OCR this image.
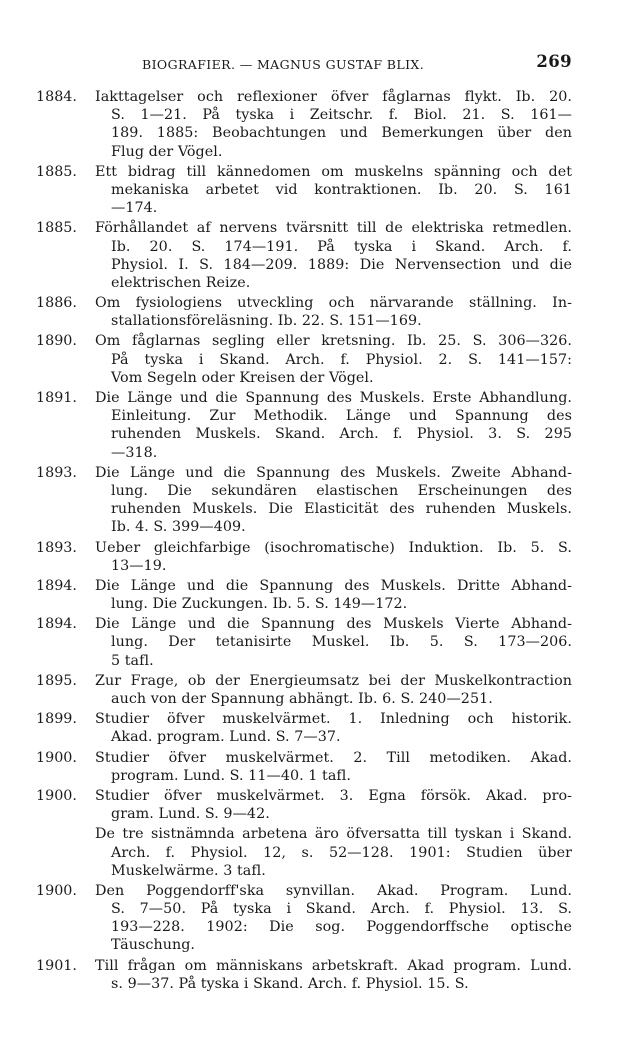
BIOGRAFIER. — MAGNUS GUSTAF BLIX.	269
1884.	Iakttagelser och reflexioner öfver fåglarnas flykt. Ib. 20.
S. 1—21. På tyska i Zeitschr. f. Biol. 21. S. 161—
189. 1885: Beobachtungen und Bemerkungen über den
Flug der Vögel.
1885.	Ett bidrag till kännedomen om muskelns spänning och det
mekaniska arbetet vid kontraktionen. Ib. 20. S. 161
—174.
1885.	Förhållandet af nervens tvärsnitt till de elektriska retmedlen.
Ib. 20. S. 174—191. På tyska i Skand. Arch. f.
Physiol. I. S. 184—209. 1889: Die Nervensection und die
elektrischen Reize.
1886.	Om fysiologiens utveckling och närvarande ställning. In-
stallationsföreläsning. Ib. 22. S. 151—169.
1890.	Om fåglarnas segling eller kretsning. Ib. 25. S. 306—326.
På tyska i Skand. Arch. f. Physiol. 2. S. 141—157:
Vom Segeln oder Kreisen der Vögel.
1891.	Die Länge und die Spannung des Muskels. Erste Abhandlung.
Einleitung. Zur Methodik. Länge und Spannung des
ruhenden Muskels. Skand. Arch. f. Physiol. 3. S. 295
—318.
1893.	Die Länge und die Spannung des Muskels. Zweite Abhand-
lung. Die sekundären elastischen Erscheinungen des
ruhenden Muskels. Die Elasticität des ruhenden Muskels.
Ib. 4. S. 399—409.
1893.	Ueber gleichfarbige (isochromatische) Induktion. Ib. 5. S.
13—19.
1894.	Die Länge und die Spannung des Muskels. Dritte Abhand-
lung. Die Zuckungen. Ib. 5. S. 149—172.
1894.	Die Länge und die Spannung des Muskels Vierte Abhand-
lung. Der tetanisirte Muskel. Ib. 5. S. 173—206.
5 tafl.
1895.	Zur Frage, ob der Energieumsatz bei der Muskelkontraction
auch von der Spannung abhängt. Ib. 6. S. 240—251.
1899.	Studier öfver muskelvärmet. 1. Inledning och historik.
Akad. program. Lund. S. 7—37.
1900.	Studier öfver muskelvärmet. 2. Till metodiken. Akad.
program. Lund. S. 11—40. 1 tafl.
1900.	Studier öfver muskelvärmet. 3. Egna försök. Akad. pro-
gram. Lund. S. 9—42.
De tre sistnämnda arbetena äro öfversatta till tyskan i Skand.
Arch. f. Physiol. 12, s. 52—128. 1901: Studien über
Muskelwärme. 3 tafl.
1900.	Den Poggendorff'ska synvillan. Akad. Program. Lund.
S. 7—50. På tyska i Skand. Arch. f. Physiol. 13. S.
193—228. 1902: Die sog. Poggendorffsche optische
Täuschung.
1901.	Till frågan om människans arbetskraft. Akad program. Lund.
s. 9—37. På tyska i Skand. Arch. f. Physiol. 15. S.
